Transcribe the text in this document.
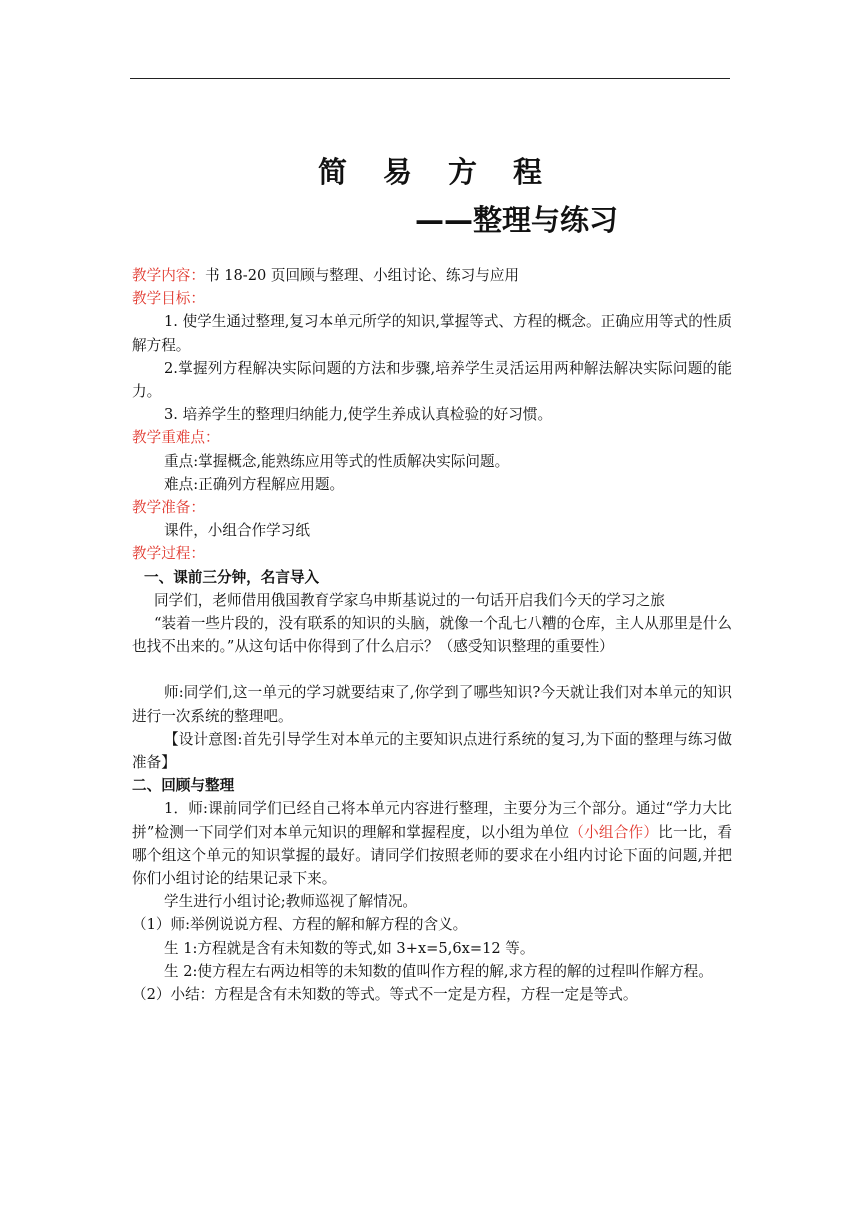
简 易 方 程
——整理与练习

教学内容：书 18-20 页回顾与整理、小组讨论、练习与应用

教学目标：

1. 使学生通过整理,复习本单元所学的知识,掌握等式、方程的概念。正确应用等式的性质解方程。

2.掌握列方程解决实际问题的方法和步骤,培养学生灵活运用两种解法解决实际问题的能力。

3. 培养学生的整理归纳能力,使学生养成认真检验的好习惯。

教学重难点：

重点:掌握概念,能熟练应用等式的性质解决实际问题。

难点:正确列方程解应用题。

教学准备：

课件，小组合作学习纸

教学过程：

一、课前三分钟，名言导入

同学们，老师借用俄国教育学家乌申斯基说过的一句话开启我们今天的学习之旅

“装着一些片段的，没有联系的知识的头脑，就像一个乱七八糟的仓库，主人从那里是什么也找不出来的。”从这句话中你得到了什么启示？（感受知识整理的重要性）

师:同学们,这一单元的学习就要结束了,你学到了哪些知识?今天就让我们对本单元的知识进行一次系统的整理吧。

【设计意图:首先引导学生对本单元的主要知识点进行系统的复习,为下面的整理与练习做准备】

二、回顾与整理

1．师:课前同学们已经自己将本单元内容进行整理，主要分为三个部分。通过“学力大比拼”检测一下同学们对本单元知识的理解和掌握程度，以小组为单位（小组合作）比一比，看哪个组这个单元的知识掌握的最好。请同学们按照老师的要求在小组内讨论下面的问题,并把你们小组讨论的结果记录下来。

学生进行小组讨论;教师巡视了解情况。

（1）师:举例说说方程、方程的解和解方程的含义。

生 1:方程就是含有未知数的等式,如 3+x=5,6x=12 等。

生 2:使方程左右两边相等的未知数的值叫作方程的解,求方程的解的过程叫作解方程。

（2）小结：方程是含有未知数的等式。等式不一定是方程，方程一定是等式。
